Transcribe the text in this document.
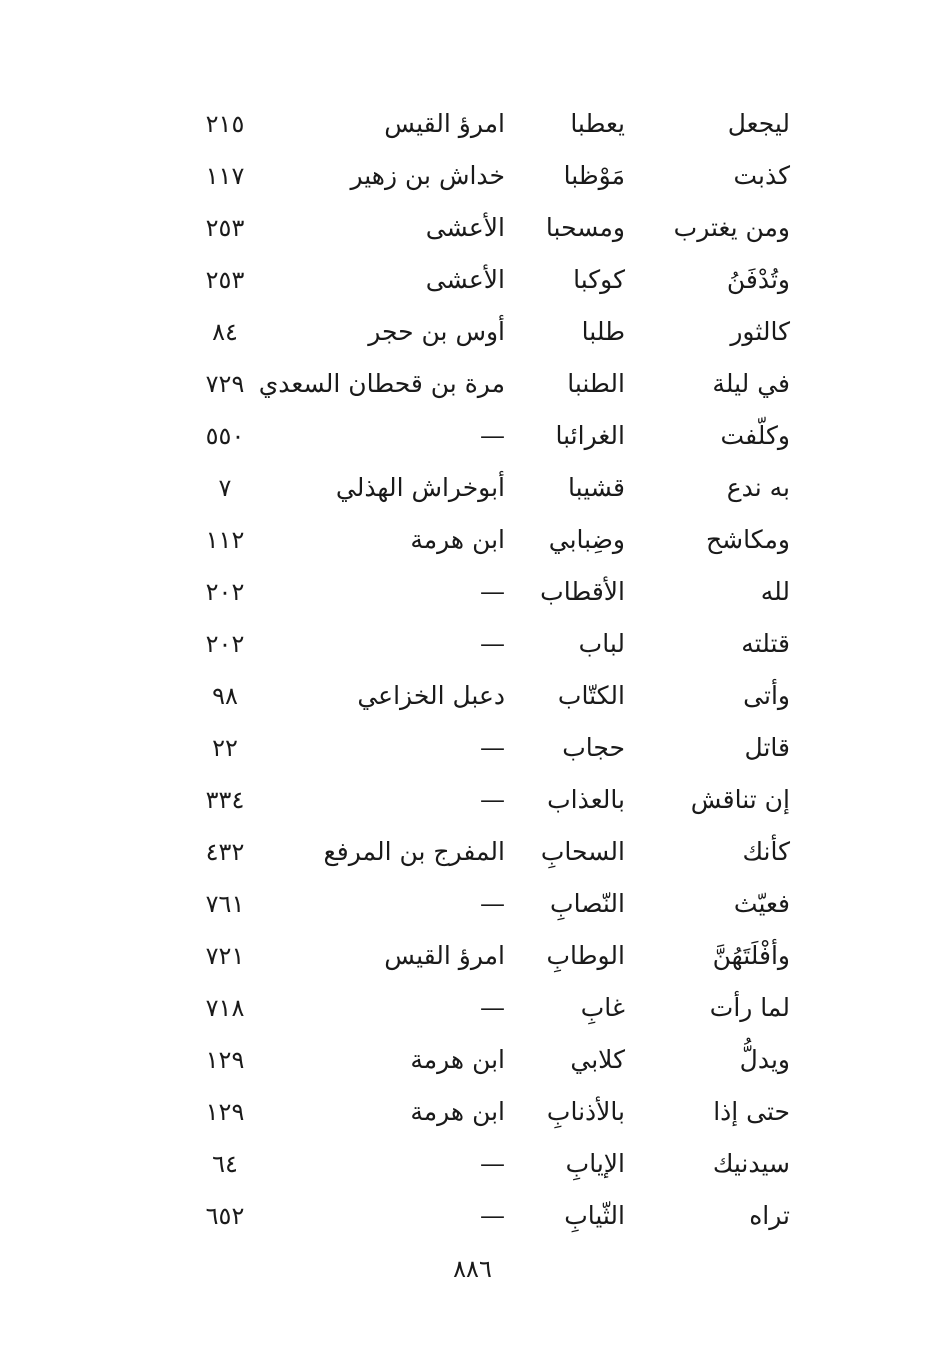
ليجعل
يعطبا
امرؤ القيس
٢١٥
كذبت
مَوْظبا
خداش بن زهير
١١٧
ومن يغترب
ومسحبا
الأعشى
٢٥٣
وتُدْفَنُ
كوكبا
الأعشى
٢٥٣
كالثور
طلبا
أوس بن حجر
٨٤
في ليلة
الطنبا
مرة بن قحطان السعدي
٧٢٩
وكلّفت
الغرائبا
—
٥٥٠
به ندع
قشيبا
أبوخراش الهذلي
٧
ومكاشح
وضِبابي
ابن هرمة
١١٢
لله
الأقطاب
—
٢٠٢
قتلته
لباب
—
٢٠٢
وأتى
الكتّاب
دعبل الخزاعي
٩٨
قاتل
حجاب
—
٢٢
إن تناقش
بالعذاب
—
٣٣٤
كأنك
السحابِ
المفرج بن المرفع
٤٣٢
فعيّث
النّصابِ
—
٧٦١
وأفْلَتَهُنَّ
الوطابِ
امرؤ القيس
٧٢١
لما رأت
غابِ
—
٧١٨
ويدلُّ
كلابي
ابن هرمة
١٢٩
حتى إذا
بالأذنابِ
ابن هرمة
١٢٩
سيدنيك
الإيابِ
—
٦٤
تراه
الثّيابِ
—
٦٥٢
٨٨٦
